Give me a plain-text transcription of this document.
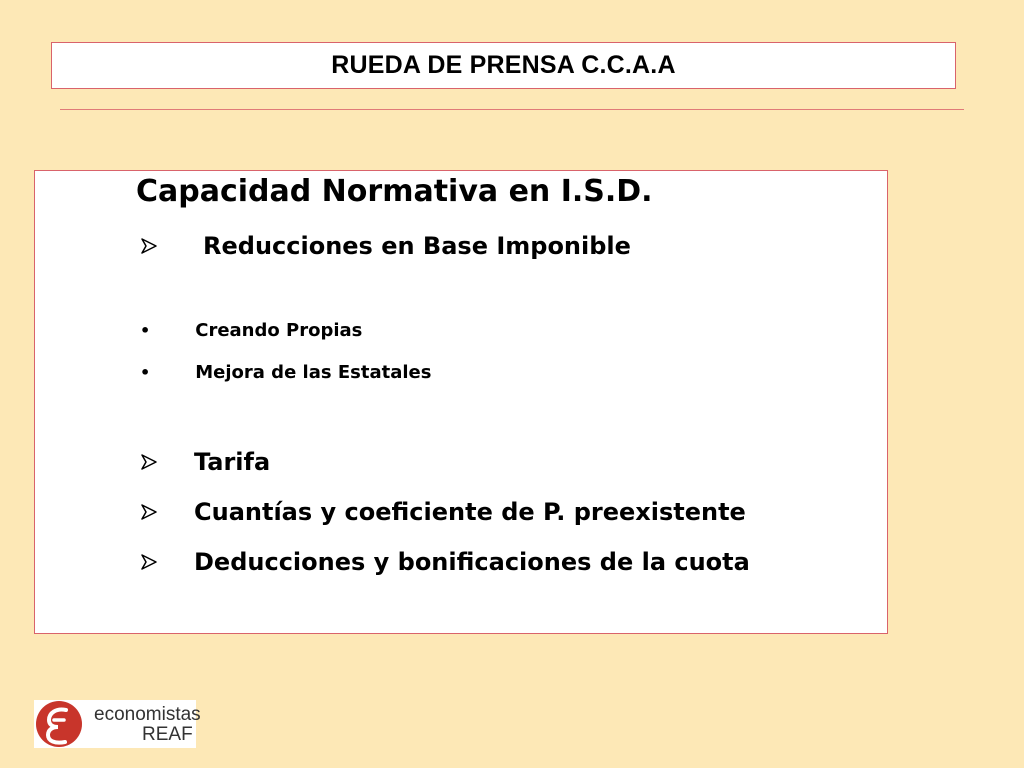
RUEDA DE PRENSA C.C.A.A
Capacidad Normativa en I.S.D.
Reducciones en Base Imponible
•	Creando Propias
•	Mejora de las Estatales
Tarifa
Cuantías y coeficiente de P. preexistente
Deducciones y bonificaciones de la cuota
economistas
REAF
